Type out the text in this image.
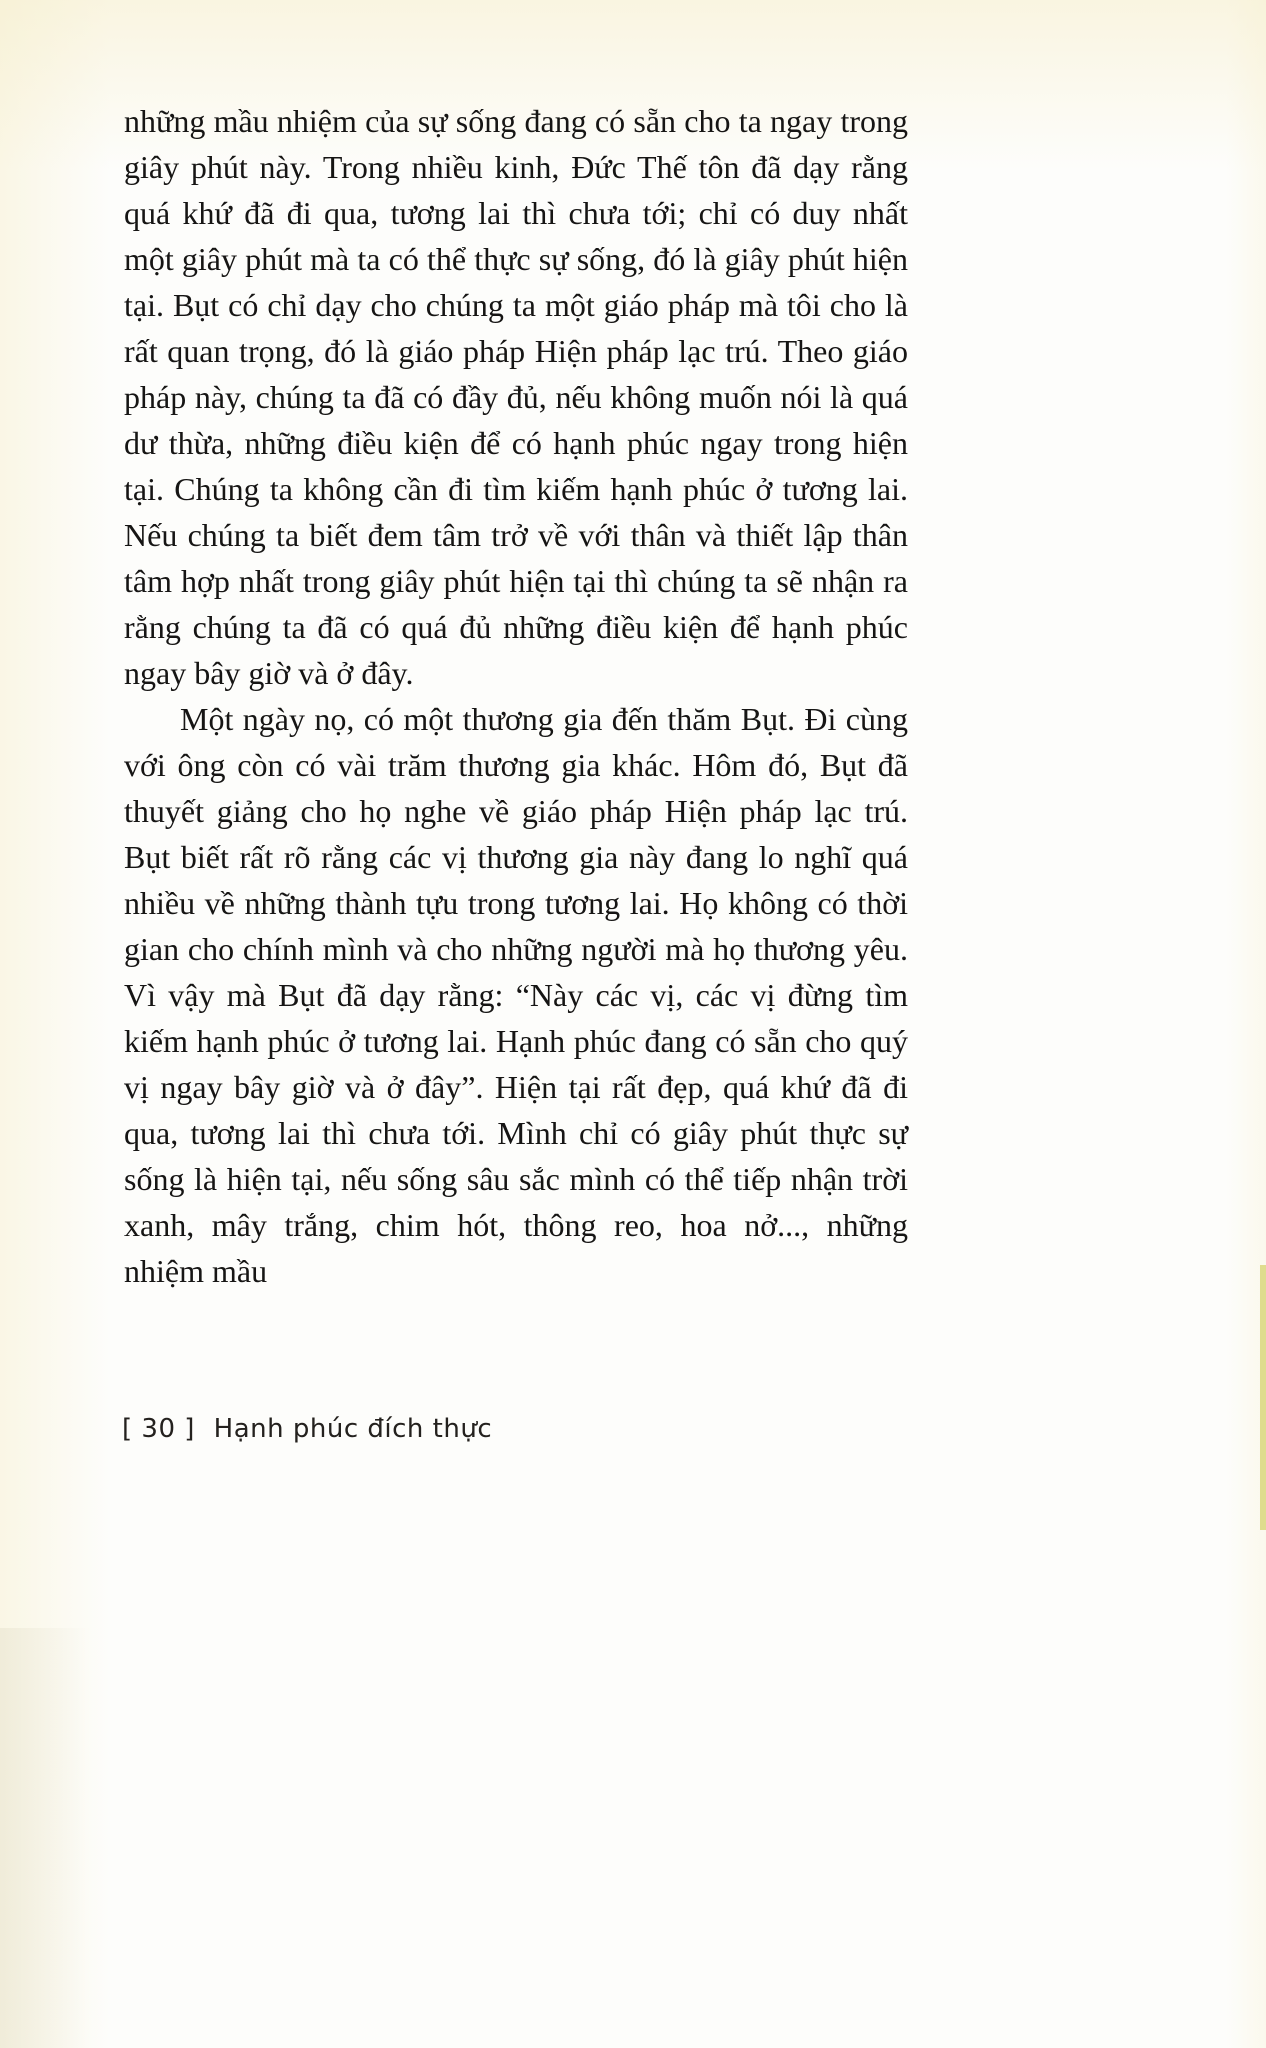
những mầu nhiệm của sự sống đang có sẵn cho ta ngay trong giây phút này. Trong nhiều kinh, Đức Thế tôn đã dạy rằng quá khứ đã đi qua, tương lai thì chưa tới; chỉ có duy nhất một giây phút mà ta có thể thực sự sống, đó là giây phút hiện tại. Bụt có chỉ dạy cho chúng ta một giáo pháp mà tôi cho là rất quan trọng, đó là giáo pháp Hiện pháp lạc trú. Theo giáo pháp này, chúng ta đã có đầy đủ, nếu không muốn nói là quá dư thừa, những điều kiện để có hạnh phúc ngay trong hiện tại. Chúng ta không cần đi tìm kiếm hạnh phúc ở tương lai. Nếu chúng ta biết đem tâm trở về với thân và thiết lập thân tâm hợp nhất trong giây phút hiện tại thì chúng ta sẽ nhận ra rằng chúng ta đã có quá đủ những điều kiện để hạnh phúc ngay bây giờ và ở đây.

Một ngày nọ, có một thương gia đến thăm Bụt. Đi cùng với ông còn có vài trăm thương gia khác. Hôm đó, Bụt đã thuyết giảng cho họ nghe về giáo pháp Hiện pháp lạc trú. Bụt biết rất rõ rằng các vị thương gia này đang lo nghĩ quá nhiều về những thành tựu trong tương lai. Họ không có thời gian cho chính mình và cho những người mà họ thương yêu. Vì vậy mà Bụt đã dạy rằng: “Này các vị, các vị đừng tìm kiếm hạnh phúc ở tương lai. Hạnh phúc đang có sẵn cho quý vị ngay bây giờ và ở đây”. Hiện tại rất đẹp, quá khứ đã đi qua, tương lai thì chưa tới. Mình chỉ có giây phút thực sự sống là hiện tại, nếu sống sâu sắc mình có thể tiếp nhận trời xanh, mây trắng, chim hót, thông reo, hoa nở..., những nhiệm mầu

[ 30 ] Hạnh phúc đích thực
